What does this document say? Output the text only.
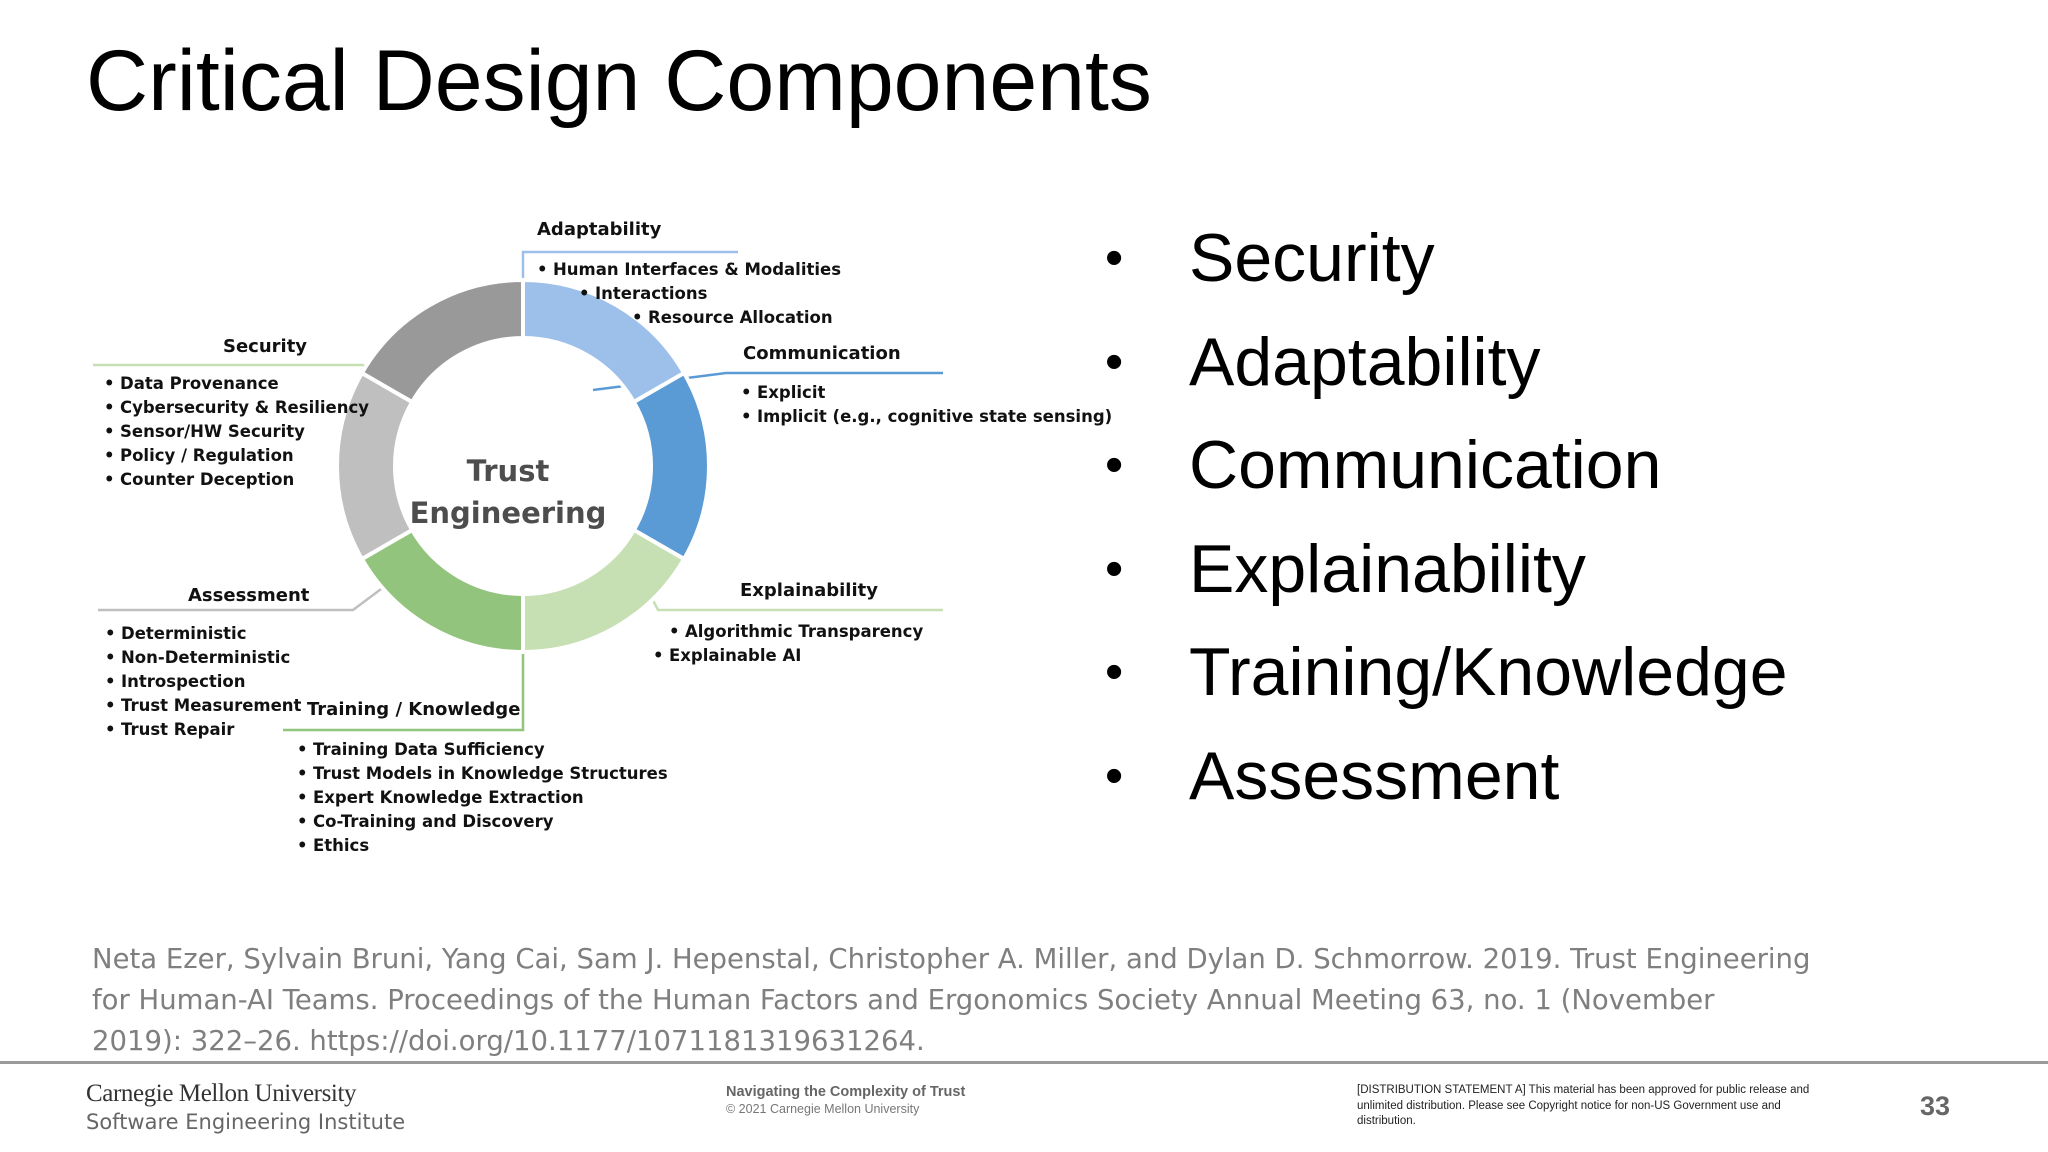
Critical Design Components
Trust
Engineering
Adaptability
• Human Interfaces & Modalities
• Interactions
• Resource Allocation
Communication
• Explicit
• Implicit (e.g., cognitive state sensing)
Explainability
• Algorithmic Transparency
• Explainable AI
Training / Knowledge
• Training Data Sufficiency
• Trust Models in Knowledge Structures
• Expert Knowledge Extraction
• Co-Training and Discovery
• Ethics
Assessment
• Deterministic
• Non-Deterministic
• Introspection
• Trust Measurement
• Trust Repair
Security
• Data Provenance
• Cybersecurity & Resiliency
• Sensor/HW Security
• Policy / Regulation
• Counter Deception
• Security
• Adaptability
• Communication
• Explainability
• Training/Knowledge
• Assessment
Neta Ezer, Sylvain Bruni, Yang Cai, Sam J. Hepenstal, Christopher A. Miller, and Dylan D. Schmorrow. 2019. Trust Engineering for Human-AI Teams. Proceedings of the Human Factors and Ergonomics Society Annual Meeting 63, no. 1 (November 2019): 322–26. https://doi.org/10.1177/1071181319631264.
Carnegie Mellon University
Software Engineering Institute
Navigating the Complexity of Trust
© 2021 Carnegie Mellon University
[DISTRIBUTION STATEMENT A] This material has been approved for public release and unlimited distribution. Please see Copyright notice for non-US Government use and distribution.	33
